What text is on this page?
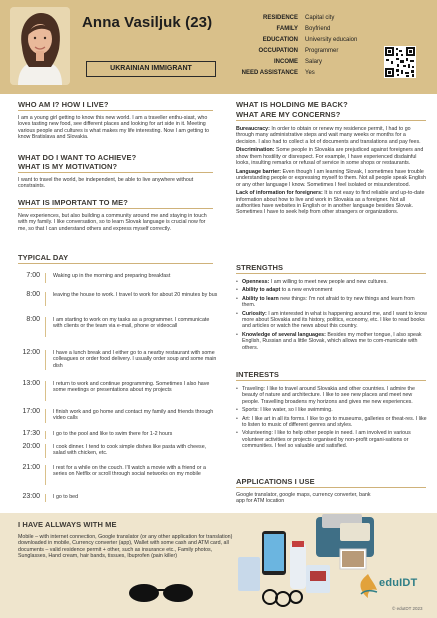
Anna Vasiljuk (23)
UKRAINIAN IMMIGRANT
RESIDENCE Capital city
FAMILY Boyfriend
EDUCATION University educaion
OCCUPATION Programmer
INCOME Salary
NEED ASSISTANCE Yes
WHO AM I? HOW I LIVE?
I am a young girl getting to know this new world. I am a traveller enthu-siast, who loves tasting new food, see different places and looking for art side in it. Meeting various people and cultures is what makes my life interesting. Now I am getting to know Bratislava and Slovakia.
WHAT DO I WANT TO ACHIEVE?
WHAT IS MY MOTIVATION?
I want to travel the world, be independent, be able to live anywhere without constraints.
WHAT IS IMPORTANT TO ME?
New experiences, but also building a community around me and staying in touch with my family. I like conversation, so to learn Slovak language is crucial now for me, so that I can understand others and express myself correctly.
TYPICAL DAY
7:00 Waking up in the morning and preparing breakfast
8:00 leaving the house to work. I travel to work for about 20 minutes by bus
8:00 I am starting to work on my tasks as a programmer. I communicate with clients or the team via e-mail, phone or videocall
12:00 I have a lunch break and I either go to a nearby restaurant with some colleagues or order food delivery. I usually order soup and some main dish
13:00 I return to work and continue programming. Sometimes I also have some meetings or presentations about my projects
17:00 I finish work and go home and contact my family and friends through video calls
17:30 I go to the pool and like to swim there for 1-2 hours
20:00 I cook dinner. I tend to cook simple dishes like pasta with cheese, salad with chicken, etc.
21:00 I rest for a while on the couch. I'll watch a movie with a friend or a series on Netflix or scroll through social networks on my mobile
23:00 I go to bed
WHAT IS HOLDING ME BACK?
WHAT ARE MY CONCERNS?

Bureaucracy: In order to obtain or renew my residence permit, I had to go through many administrative steps and wait many weeks or months for a decision. I also had to collect a lot of documents and translations and pay fees.

Discrimination: Some people in Slovakia are prejudiced against foreigners and show them hostility or disrespect. For example, I have experienced disdainful looks, insulting remarks or refusal of service in some shops or restaurants.

Language barrier: Even though I am learning Slovak, I sometimes have trouble understanding people or expressing myself to them. Not all people speak English or any other language I know. Sometimes I feel isolated or misunderstood.

Lack of information for foreigners: It is not easy to find reliable and up-to-date information about how to live and work in Slovakia as a foreigner. Not all authorities have websites in English or in another language besides Slovak. Sometimes I have to seek help from other strangers or organizations.

STRENGTHS
• Openness: I am willing to meet new people and new cultures.
• Ability to adapt to a new environment
• Ability to learn new things: I'm not afraid to try new things and learn from them.
• Curiosity: I am interested in what is happening around me, and I want to know more about Slovakia and its history, politics, economy, etc. I like to read books and articles or watch the news about this country.
• Knowledge of several languages: Besides my mother tongue, I also speak English, Russian and a little Slovak, which allows me to com-municate with others.
INTERESTS
• Traveling: I like to travel around Slovakia and other countries. I admire the beauty of nature and architecture. I like to see new places and meet new people. Travelling broadens my horizons and gives me new experiences.
• Sports: I like water, so I like swimming.
• Art: I like art in all its forms. I like to go to museums, galleries or theat-res. I like to listen to music of different genres and styles.
• Volunteering: I like to help other people in need. I am involved in various volunteer activities or projects organised by non-profit organi-sations or communities. I feel so valuable and satisfied.
APPLICATIONS I USE
Google translator, google maps, currency converter, bank app for ATM location
I HAVE ALLWAYS WITH ME
Mobile – with internet connection, Google translator (or any other application for translation) downloaded in mobile, Currency converter (app), Wallet with some cash and ATM card, all documents – valid residence permit + other, such as insurance etc., Family photos, Sunglasses, Hand cream, hair bands, tissues, Ibuprofen (pain killer)
eduIDT
© eduIDT 2023
